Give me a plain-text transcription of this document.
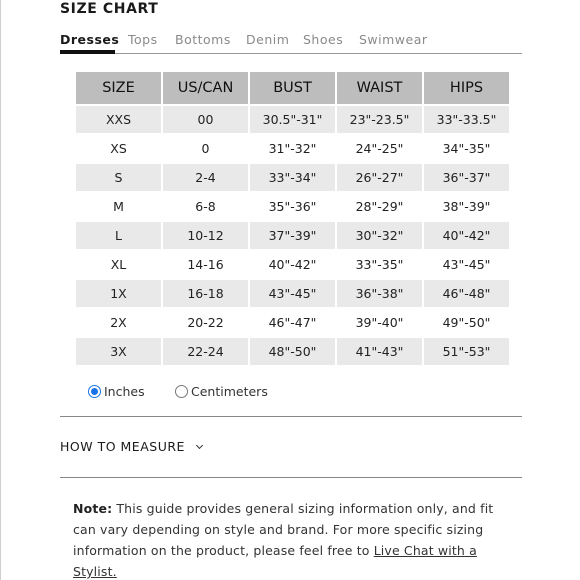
SIZE CHART
Dresses Tops Bottoms Denim Shoes Swimwear
SIZE	US/CAN	BUST	WAIST	HIPS
XXS	00	30.5"-31"	23"-23.5"	33"-33.5"
XS	0	31"-32"	24"-25"	34"-35"
S	2-4	33"-34"	26"-27"	36"-37"
M	6-8	35"-36"	28"-29"	38"-39"
L	10-12	37"-39"	30"-32"	40"-42"
XL	14-16	40"-42"	33"-35"	43"-45"
1X	16-18	43"-45"	36"-38"	46"-48"
2X	20-22	46"-47"	39"-40"	49"-50"
3X	22-24	48"-50"	41"-43"	51"-53"
Inches	Centimeters
HOW TO MEASURE
Note: This guide provides general sizing information only, and fit can vary depending on style and brand. For more specific sizing information on the product, please feel free to Live Chat with a Stylist.
